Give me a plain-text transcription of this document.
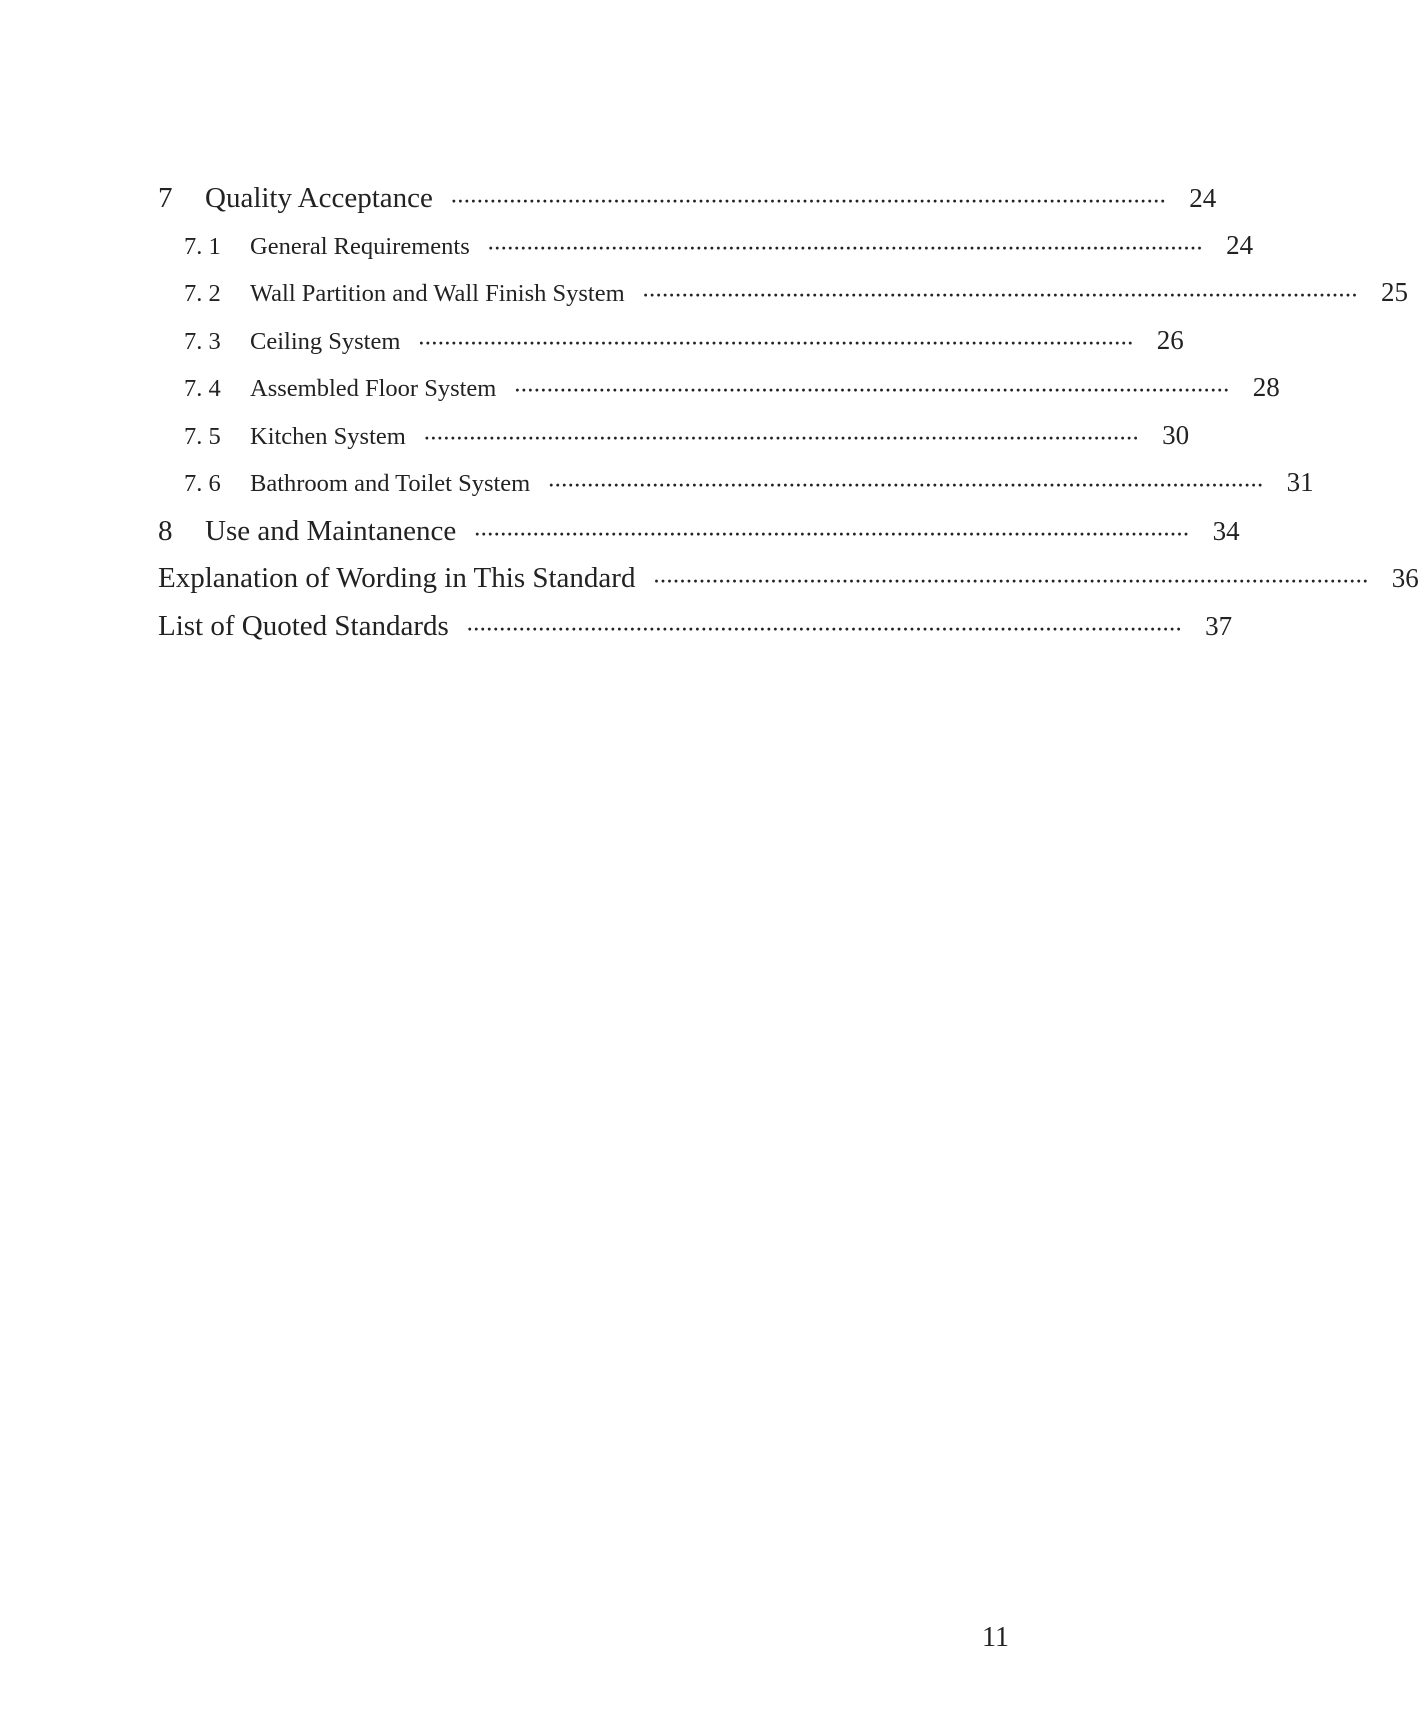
7	Quality Acceptance	·············································································································· 24
7. 1	General Requirements	·············································································································· 24
7. 2	Wall Partition and Wall Finish System	·············································································································· 25
7. 3	Ceiling System	·············································································································· 26
7. 4	Assembled Floor System	·············································································································· 28
7. 5	Kitchen System	·············································································································· 30
7. 6	Bathroom and Toilet System	·············································································································· 31
8	Use and Maintanence	·············································································································· 34
Explanation of Wording in This Standard	·············································································································· 36
List of Quoted Standards	·············································································································· 37
11
